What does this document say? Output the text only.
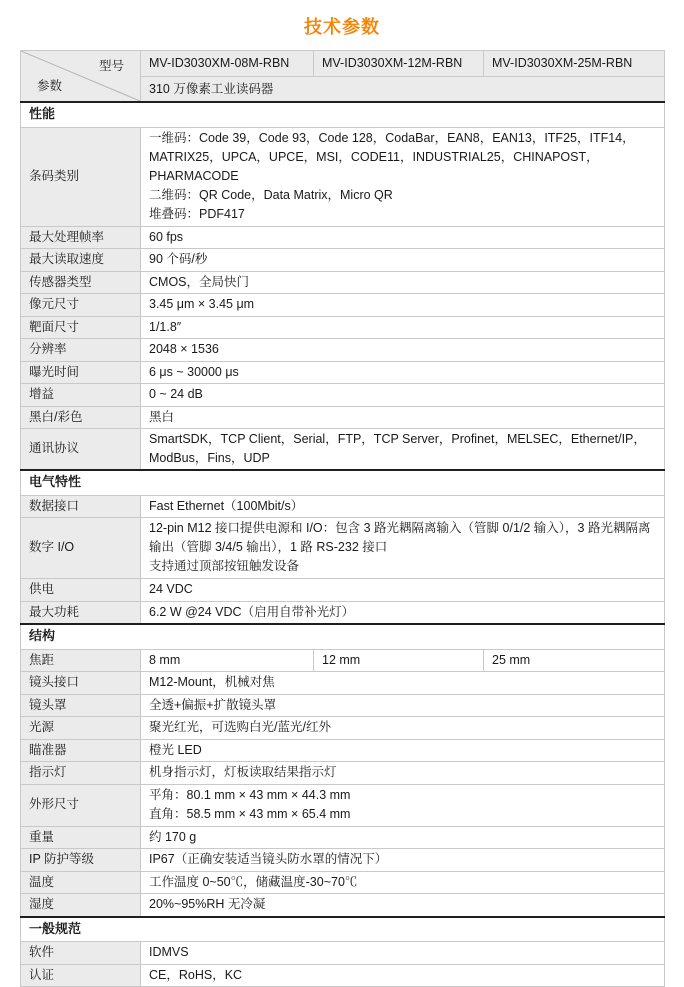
技术参数
型号
参数	MV-ID3030XM-08M-RBN	MV-ID3030XM-12M-RBN	MV-ID3030XM-25M-RBN
	310 万像素工业读码器		
性能			
条码类别	一维码：Code 39，Code 93，Code 128，CodaBar，EAN8，EAN13，ITF25，ITF14，MATRIX25，UPCA，UPCE，MSI，CODE11，INDUSTRIAL25，CHINAPOST，PHARMACODE
二维码：QR Code，Data Matrix，Micro QR
堆叠码：PDF417		

最大处理帧率	60 fps		
最大读取速度	90 个码/秒		
传感器类型	CMOS，全局快门		
像元尺寸	3.45 μm × 3.45 μm		
靶面尺寸	1/1.8″		
分辨率	2048 × 1536		
曝光时间	6 μs ~ 30000 μs		
增益	0 ~ 24 dB		
黑白/彩色	黑白		
通讯协议	SmartSDK，TCP Client，Serial，FTP，TCP Server，Profinet，MELSEC，Ethernet/IP，ModBus，Fins，UDP		
电气特性			
数据接口	Fast Ethernet（100Mbit/s）		
数字 I/O	12-pin M12 接口提供电源和 I/O：包含 3 路光耦隔离输入（管脚 0/1/2 输入），3 路光耦隔离输出（管脚 3/4/5 输出），1 路 RS-232 接口
支持通过顶部按钮触发设备		

供电	24 VDC		
最大功耗	6.2 W @24 VDC（启用自带补光灯）		
结构			
焦距	8 mm	12 mm	25 mm
镜头接口	M12-Mount，机械对焦		
镜头罩	全透+偏振+扩散镜头罩		
光源	聚光红光，可选购白光/蓝光/红外		
瞄准器	橙光 LED		
指示灯	机身指示灯，灯板读取结果指示灯		
外形尺寸	平角：80.1 mm × 43 mm × 44.3 mm
直角：58.5 mm × 43 mm × 65.4 mm		

重量	约 170 g		
IP 防护等级	IP67（正确安装适当镜头防水罩的情况下）		
温度	工作温度 0~50℃，储藏温度-30~70℃		
湿度	20%~95%RH 无冷凝		
一般规范			
软件	IDMVS		
认证	CE，RoHS，KC		
